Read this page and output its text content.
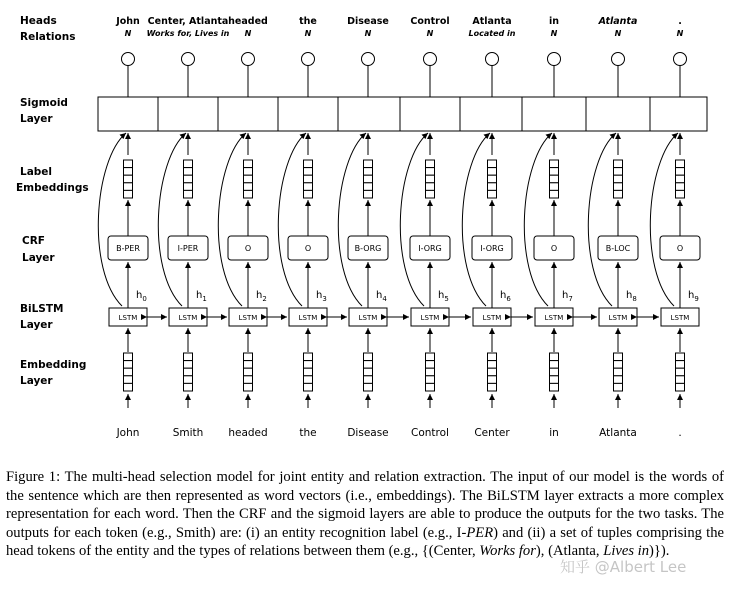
Heads
Relations
Sigmoid
Layer
Label
Embeddings
CRF
Layer
BiLSTM
Layer
Embedding
Layer
John
N
B-PER
$h_0$
LSTM
John
Center, Atlanta
Works for, Lives in
I-PER
$h_1$
LSTM
Smith
headed
N
O
$h_2$
LSTM
headed
the
N
O
$h_3$
LSTM
the
Disease
N
B-ORG
$h_4$
LSTM
Disease
Control
N
I-ORG
$h_5$
LSTM
Control
Atlanta
Located in
I-ORG
$h_6$
LSTM
Center
in
N
O
$h_7$
LSTM
in
Atlanta
N
B-LOC
$h_8$
LSTM
Atlanta
.
N
O
$h_9$
LSTM
.

Figure 1: The multi-head selection model for joint entity and relation extraction. The input of our model is the words of the sentence which are then represented as word vectors (i.e., embeddings). The BiLSTM layer extracts a more complex representation for each word. Then the CRF and the sigmoid layers are able to produce the outputs for the two tasks. The outputs for each token (e.g., Smith) are: (i) an entity recognition label (e.g., I-PER) and (ii) a set of tuples comprising the head tokens of the entity and the types of relations between them (e.g., {(Center, Works for), (Atlanta, Lives in)}).

知乎 @Albert Lee
